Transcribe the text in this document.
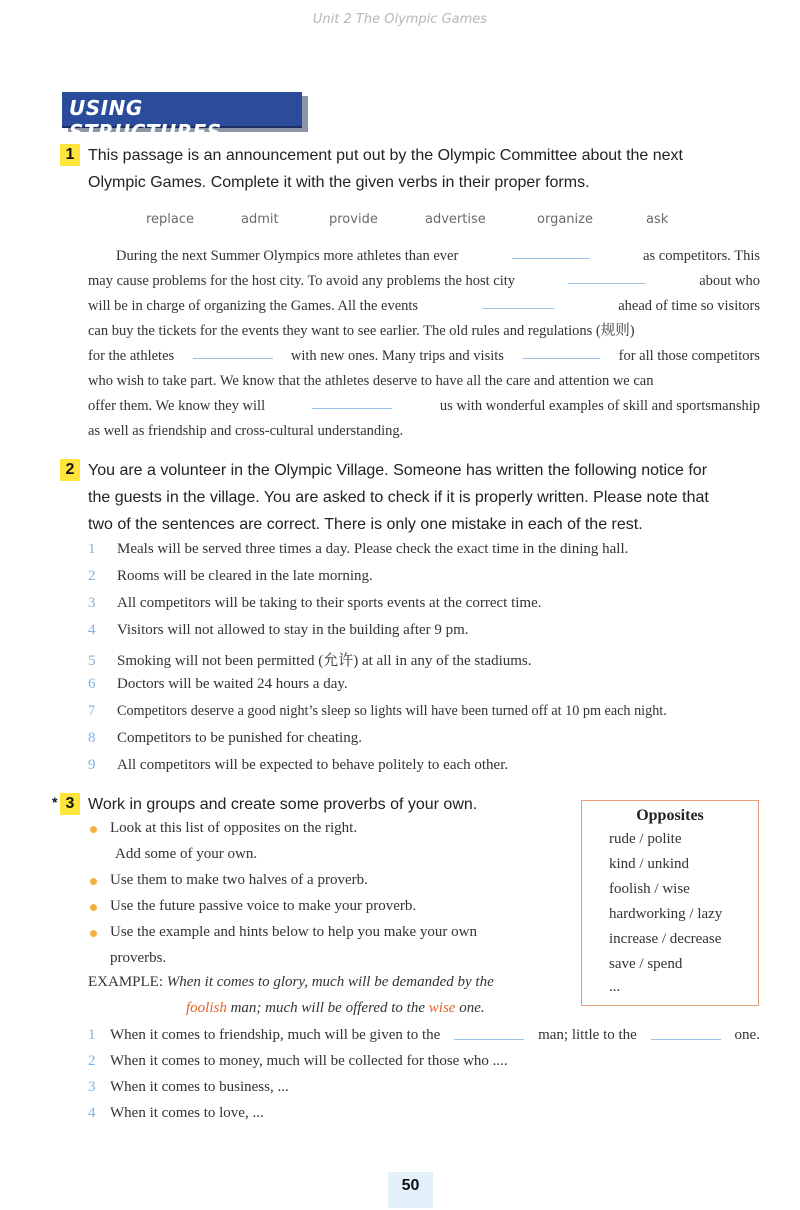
Unit 2 The Olympic Games
USING STRUCTURES
1 This passage is an announcement put out by the Olympic Committee about the next
Olympic Games. Complete it with the given verbs in their proper forms.
replace	admit	provide	advertise	organize	ask
During the next Summer Olympics more athletes than ever	as competitors. This
may cause problems for the host city. To avoid any problems the host city	about who
will be in charge of organizing the Games. All the events	ahead of time so visitors
can buy the tickets for the events they want to see earlier. The old rules and regulations (规则)
for the athletes	with new ones. Many trips and visits	for all those competitors
who wish to take part. We know that the athletes deserve to have all the care and attention we can
offer them. We know they will	us with wonderful examples of skill and sportsmanship
as well as friendship and cross-cultural understanding.
2 You are a volunteer in the Olympic Village. Someone has written the following notice for
the guests in the village. You are asked to check if it is properly written. Please note that
two of the sentences are correct. There is only one mistake in each of the rest.
1 Meals will be served three times a day. Please check the exact time in the dining hall.
2 Rooms will be cleared in the late morning.
3 All competitors will be taking to their sports events at the correct time.
4 Visitors will not allowed to stay in the building after 9 pm.
5 Smoking will not been permitted (允许) at all in any of the stadiums.
6 Doctors will be waited 24 hours a day.
7 Competitors deserve a good night’s sleep so lights will have been turned off at 10 pm each night.
8 Competitors to be punished for cheating.
9 All competitors will be expected to behave politely to each other.
* 3 Work in groups and create some proverbs of your own.
Look at this list of opposites on the right.
Add some of your own.
Use them to make two halves of a proverb.
Use the future passive voice to make your proverb.
Use the example and hints below to help you make your own
proverbs.
EXAMPLE: When it comes to glory, much will be demanded by the
foolish man; much will be offered to the wise one.
Opposites
rude / polite
kind / unkind
foolish / wise
hardworking / lazy
increase / decrease
save / spend
...
1 When it comes to friendship, much will be given to the	man; little to the	one.
2 When it comes to money, much will be collected for those who ....
3 When it comes to business, ...
4 When it comes to love, ...
50
